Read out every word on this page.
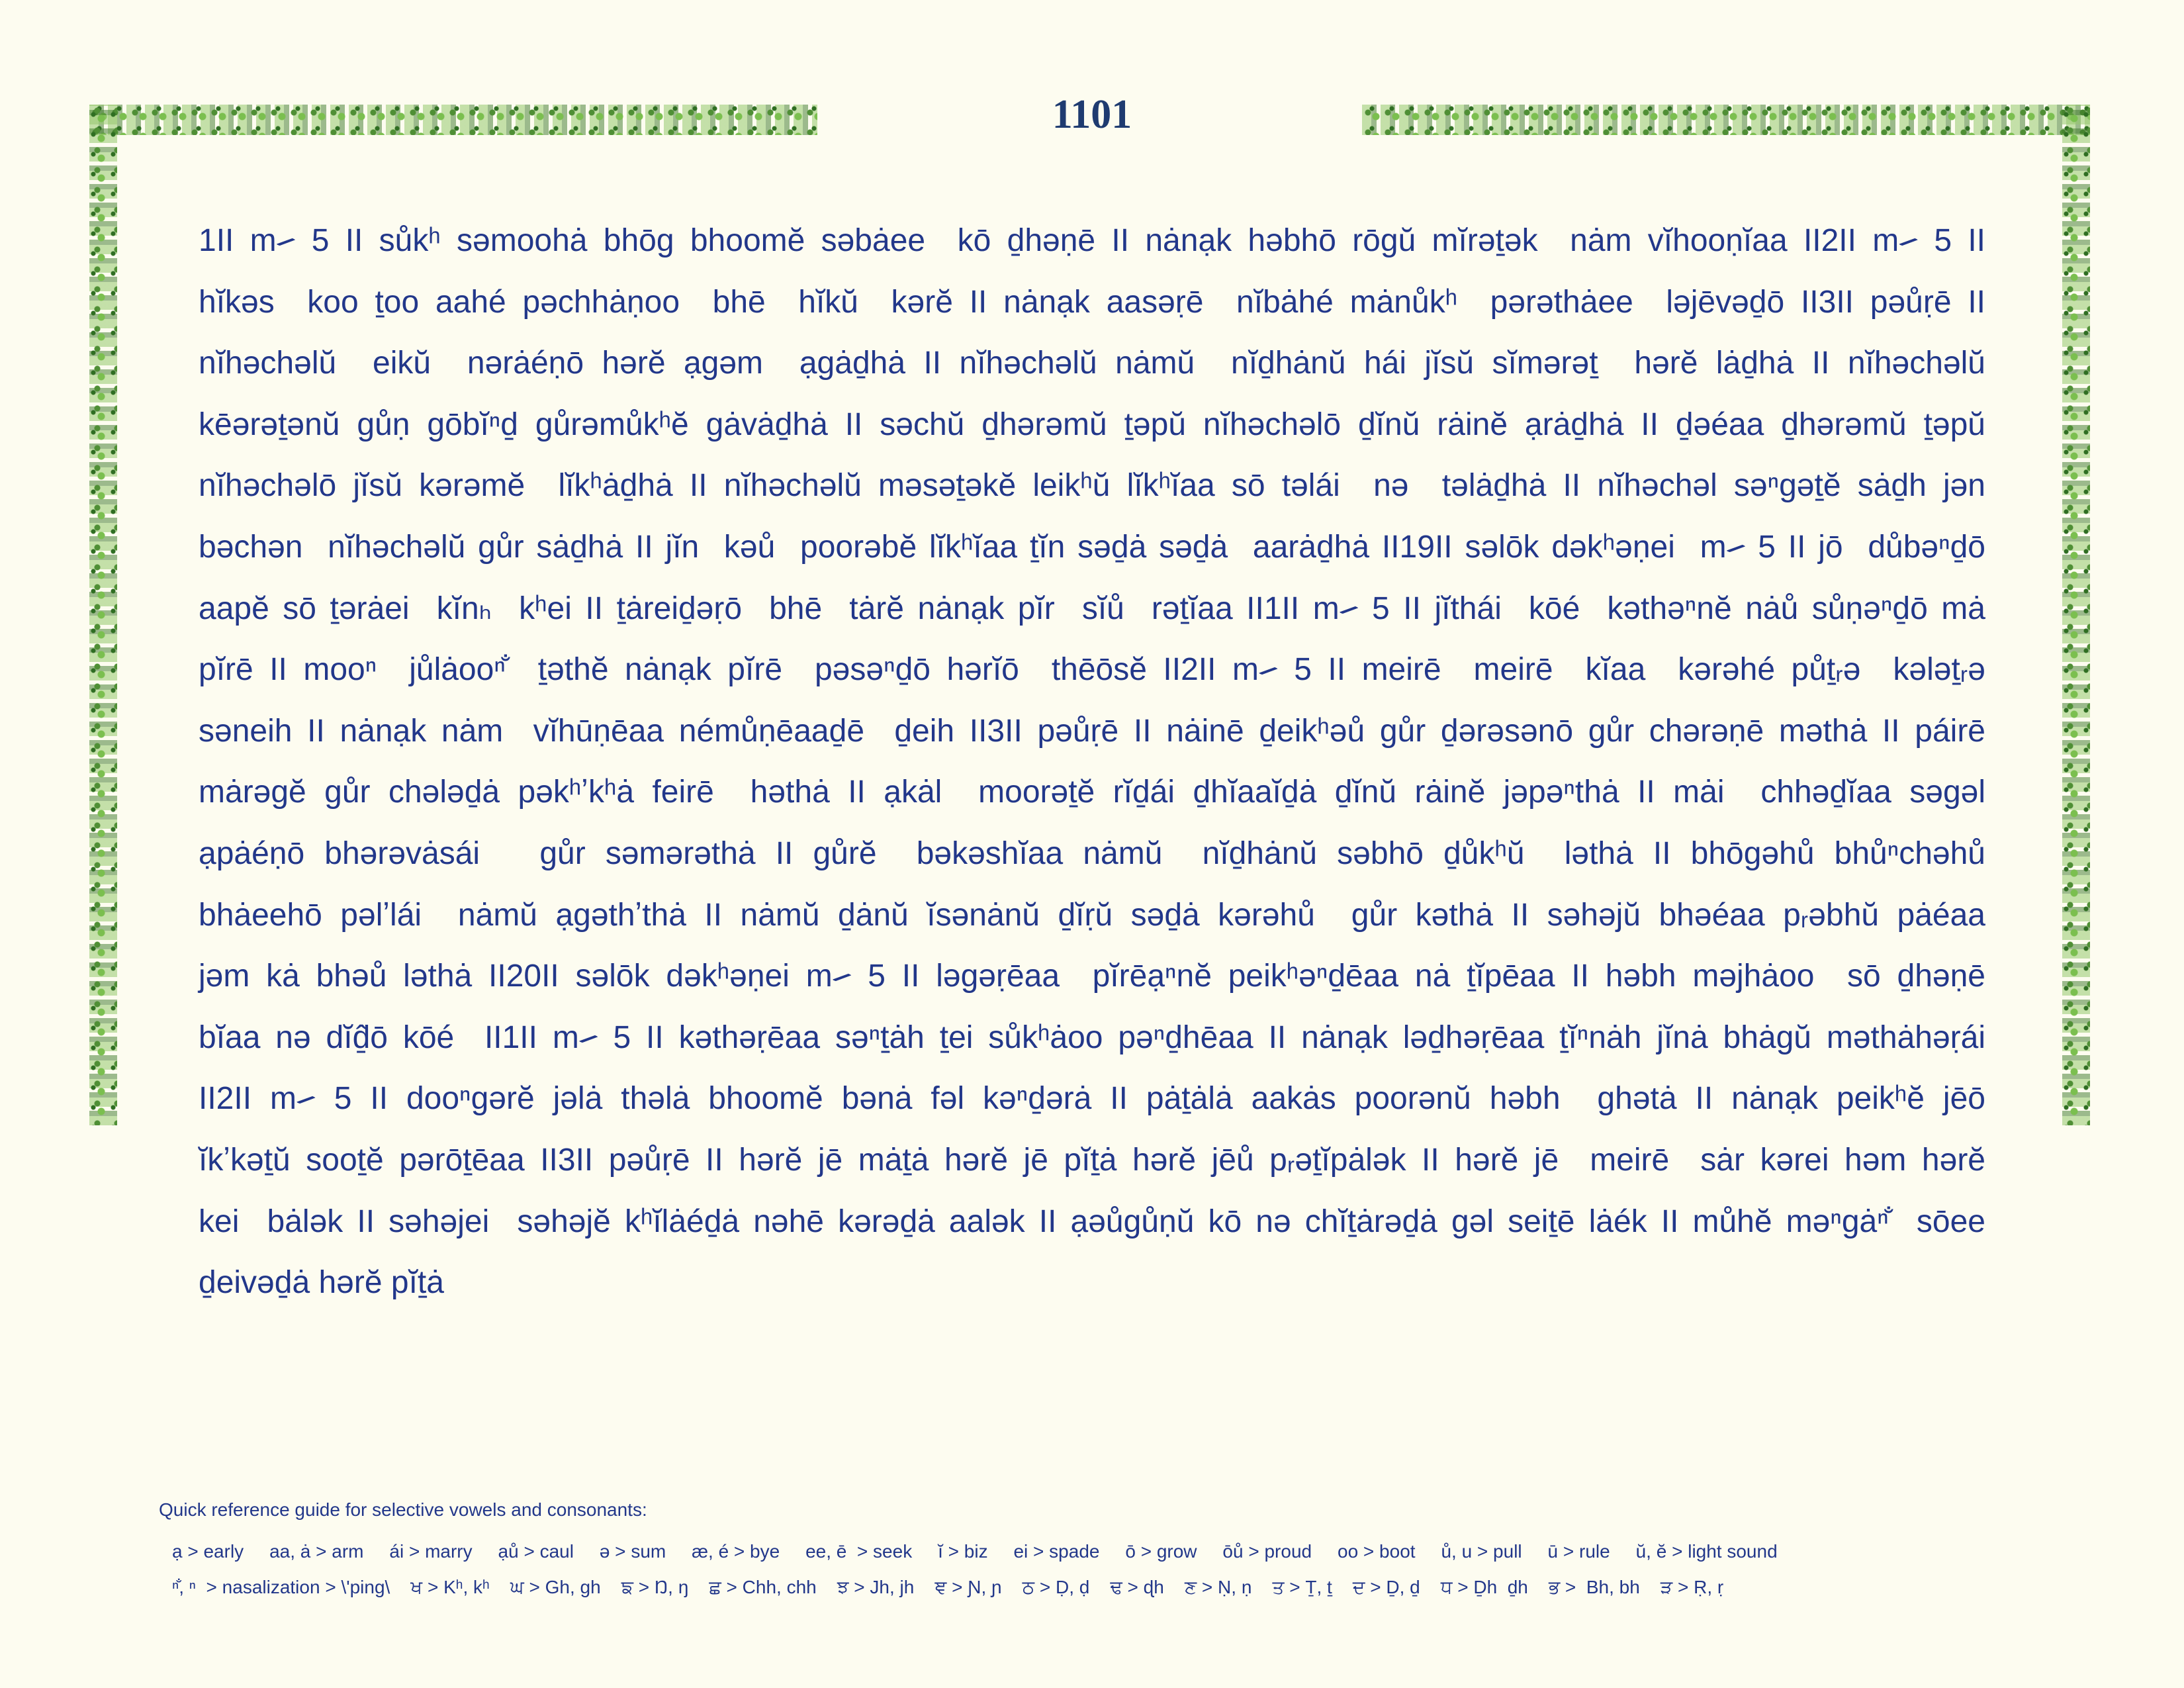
1101
1II m꠳ 5 II sůkʰ səmoohȧ bhōg bhoomĕ səbȧee  kō ḏhəṇē II nȧnạk həbhō rōgŭ mĭrəṯək  nȧm vĭhooṇĭaa II2II m꠳ 5 II
hĭkəs  koo ṯoo aahé pəchhȧṇoo  bhē  hĭkŭ  kərĕ II nȧnạk aasəṛē  nĭbȧhé mȧnůkʰ  pərəthȧee  lǝjēvəḏō II3II pəůṛē II
nĭhəchəlŭ  eikŭ  nərȧéṇō hərĕ ạgəm  ạgȧḏhȧ II nĭhəchəlŭ nȧmŭ  nĭḏhȧnŭ hái jĭsŭ sĭmərəṯ  hərĕ lȧḏhȧ II nĭhəchəlŭ
kēərəṯənŭ gůṇ gōbĭⁿḏ gůrəmůkʰĕ gȧvȧḏhȧ II səchŭ ḏhərəmŭ ṯəpŭ nĭhəchəlō ḏĭnŭ rȧinĕ ạrȧḏhȧ II ḏəéaa ḏhərəmŭ ṯəpŭ
nĭhəchəlō jĭsŭ kərəmĕ  lĭkʰȧḏhȧ II nĭhəchəlŭ məsəṯəkĕ leikʰŭ lĭkʰĭaa sō təlái  nə  təlȧḏhȧ II nĭhəchəl səⁿgəṯĕ sȧḏh jən
bəchən  nĭhəchəlŭ gůr sȧḏhȧ II jĭn  kəů  poorəbĕ lĭkʰĭaa ṯĭn səḏȧ səḏȧ  aarȧḏhȧ II19II səlōk dəkʰəṇei  m꠳ 5 II jō  důbəⁿḏō
aapĕ sō ṯərȧei  kĭnₕ  kʰei II ṯȧreiḏəṛō  bhē  tȧrĕ nȧnạk pĭr  sĭů  rəṯĭaa II1II m꠳ 5 II jĭthái  kōé  kəthəⁿnĕ nȧů sůṇəⁿḏō mȧ
pĭrē II mooⁿ  jůlȧooⁿ̐  ṯəthĕ nȧnạk pĭrē  pəsəⁿḏō hərĭō  thēōsĕ II2II m꠳ 5 II meirē  meirē  kĭaa  kərəhé půṯᵣə  kələṯᵣə
səneih II nȧnạk nȧm  vĭhūṇēaa némůṇēaaḏē  ḏeih II3II pəůṛē II nȧinē ḏeikʰəů gůr ḏərəsənō gůr chərəṇē məthȧ II páirē
mȧrəgĕ gůr chələḏȧ pəkʰʼkʰȧ feirē  həthȧ II ạkȧl  moorəṯĕ rĭḏái ḏhĭaaĭḏȧ ḏĭnŭ rȧinĕ jəpəⁿthȧ II mȧi  chhəḏĭaa səgəl
ạpȧéṇō bhərəvȧsái   gůr səmərəthȧ II gůrĕ  bəkəshĭaa nȧmŭ  nĭḏhȧnŭ səbhō ḏůkʰŭ  ləthȧ II bhōgəhů bhůⁿchəhů
bhȧeehō pəlʼlái  nȧmŭ ạgəthʼthȧ II nȧmŭ ḏȧnŭ ĭsənȧnŭ ḏĭṛŭ səḏȧ kərəhů  gůr kəthȧ II səhəjŭ bhəéaa pᵣəbhŭ pȧéaa
jəm kȧ bhəů ləthȧ II20II səlōk dəkʰəṇei m꠳ 5 II ləgəṛēaa  pĭrēạⁿnĕ peikʰəⁿḏēaa nȧ ṯĭpēaa II həbh məjhȧoo  sō ḏhəṇē
bĭaa nə dĭḏ̂ō kōé  II1II m꠳ 5 II kəthəṛēaa səⁿṯȧh ṯei sůkʰȧoo pəⁿḏhēaa II nȧnạk ləḏhəṛēaa ṯĭⁿnȧh jĭnȧ bhȧgŭ məthȧhəṛái
II2II m꠳ 5 II dooⁿgərĕ jəlȧ thəlȧ bhoomĕ bənȧ fəl kəⁿḏərȧ II pȧṯȧlȧ aakȧs poorənŭ həbh  ghətȧ II nȧnạk peikʰĕ jēō
ĭkʼkəṯŭ sooṯĕ pərōṯēaa II3II pəůṛē II hərĕ jē mȧṯȧ hərĕ jē pĭṯȧ hərĕ jēů pᵣəṯĭpȧlək II hərĕ jē  meirē  sȧr kərei həm hərĕ
kei  bȧlək II səhəjei  səhəjĕ kʰĭlȧéḏȧ nəhē kərəḏȧ aalək II ạəůgůṇŭ kō nə chĭṯȧrəḏȧ gəl seiṯē lȧék II můhĕ məⁿgȧⁿ̐  sōee
ḏeivəḏȧ hərĕ pĭṯȧ
Quick reference guide for selective vowels and consonants:
ạ > early     aa, ȧ > arm     ái > marry     ạů > caul     ə > sum     æ, é > bye     ee, ē  > seek     ĭ > biz     ei > spade     ō > grow     ōů > proud     oo > boot     ů, u > pull     ū > rule     ŭ, ĕ > light sound
ⁿ̐, ⁿ  > nasalization > \'ping\    ਖ > Kʰ, kʰ    ਘ > Gh, gh    ਙ > Ŋ, ŋ    ਛ > Chh, chh    ਝ > Jh, jh    ਞ > Ɲ, ɲ    ਠ > Ḍ, ḍ    ਢ > ɖh    ਣ > Ṇ, ṇ    ਤ > Ṯ, ṯ    ਦ > Ḏ, ḏ    ਧ > Ḏh  ḏh    ਭ >  Bh, bh    ੜ > Ṛ, ṛ
